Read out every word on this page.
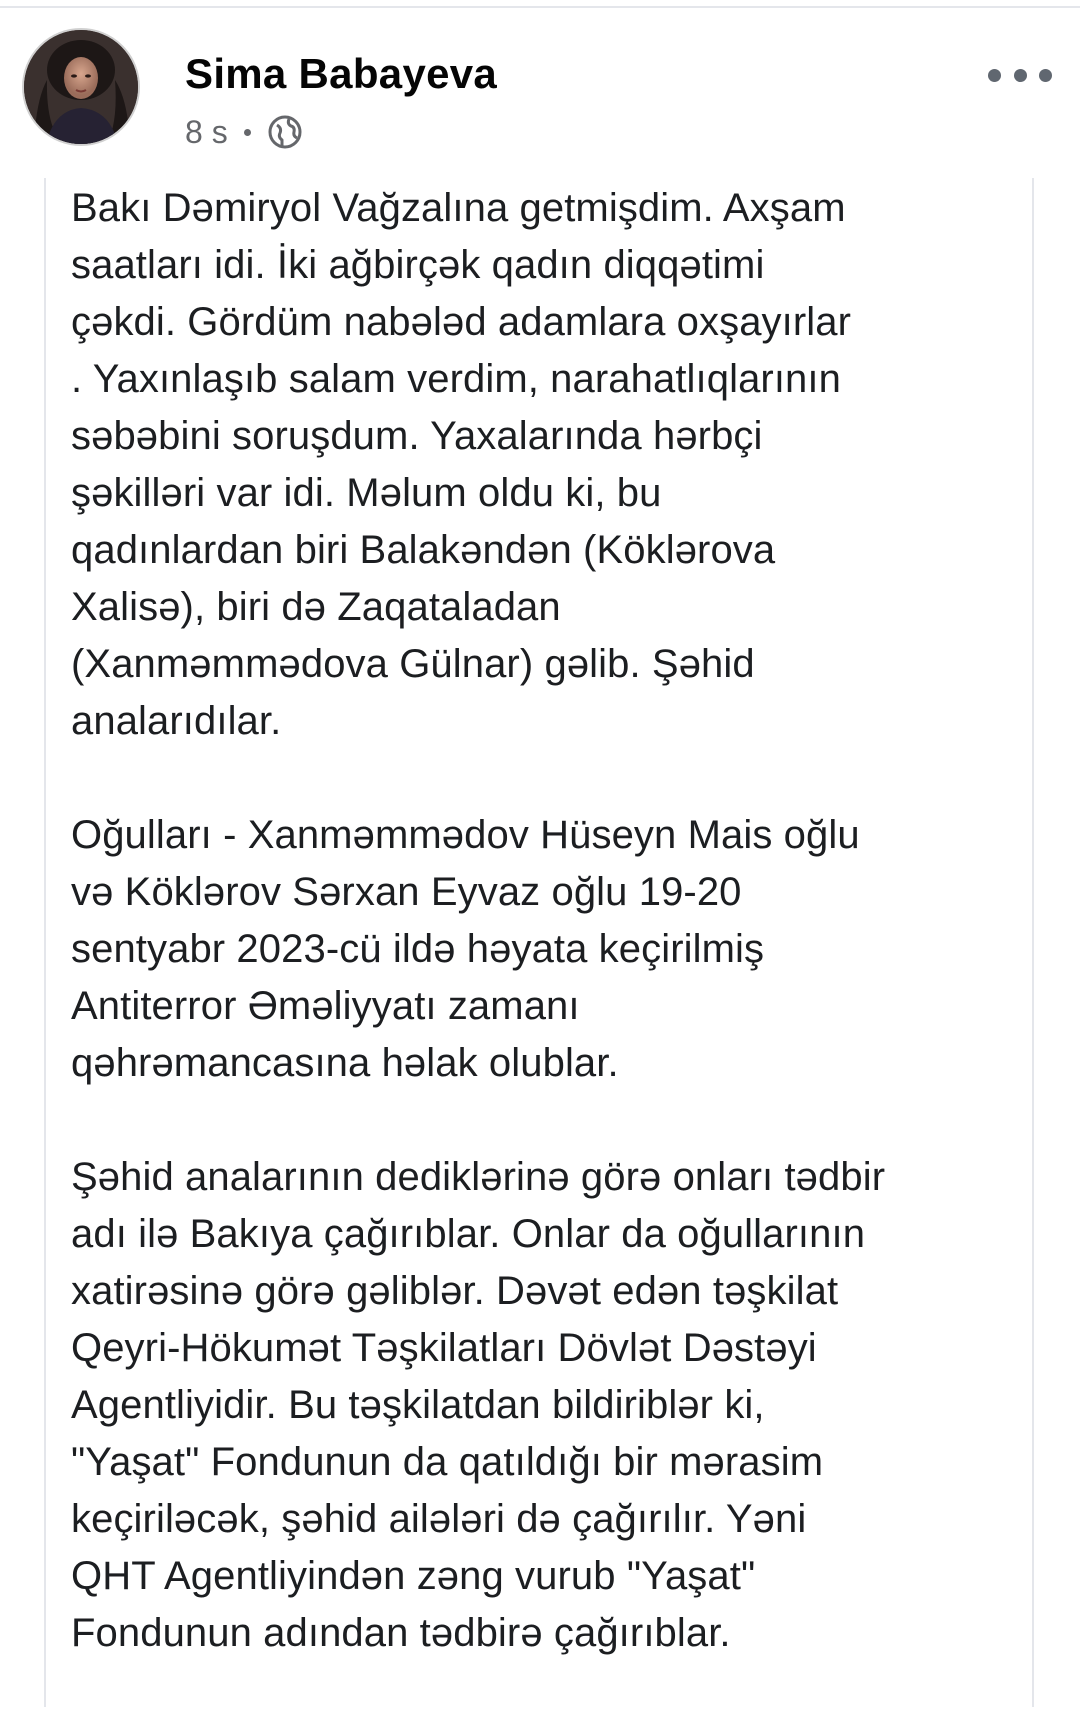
Sima Babayeva
8 s
Bakı Dəmiryol Vağzalına getmişdim. Axşam
saatları idi. İki ağbirçək qadın diqqətimi
çəkdi. Gördüm nabələd adamlara oxşayırlar
. Yaxınlaşıb salam verdim, narahatlıqlarının
səbəbini soruşdum. Yaxalarında hərbçi
şəkilləri var idi. Məlum oldu ki, bu
qadınlardan biri Balakəndən (Köklərova
Xalisə), biri də Zaqataladan
(Xanməmmədova Gülnar) gəlib. Şəhid
analarıdılar.
Oğulları - Xanməmmədov Hüseyn Mais oğlu
və Köklərov Sərxan Eyvaz oğlu 19-20
sentyabr 2023-cü ildə həyata keçirilmiş
Antiterror Əməliyyatı zamanı
qəhrəmancasına həlak olublar.
Şəhid analarının dediklərinə görə onları tədbir
adı ilə Bakıya çağırıblar. Onlar da oğullarının
xatirəsinə görə gəliblər. Dəvət edən təşkilat
Qeyri-Hökumət Təşkilatları Dövlət Dəstəyi
Agentliyidir. Bu təşkilatdan bildiriblər ki,
"Yaşat" Fondunun da qatıldığı bir mərasim
keçiriləcək, şəhid ailələri də çağırılır. Yəni
QHT Agentliyindən zəng vurub "Yaşat"
Fondunun adından tədbirə çağırıblar.
